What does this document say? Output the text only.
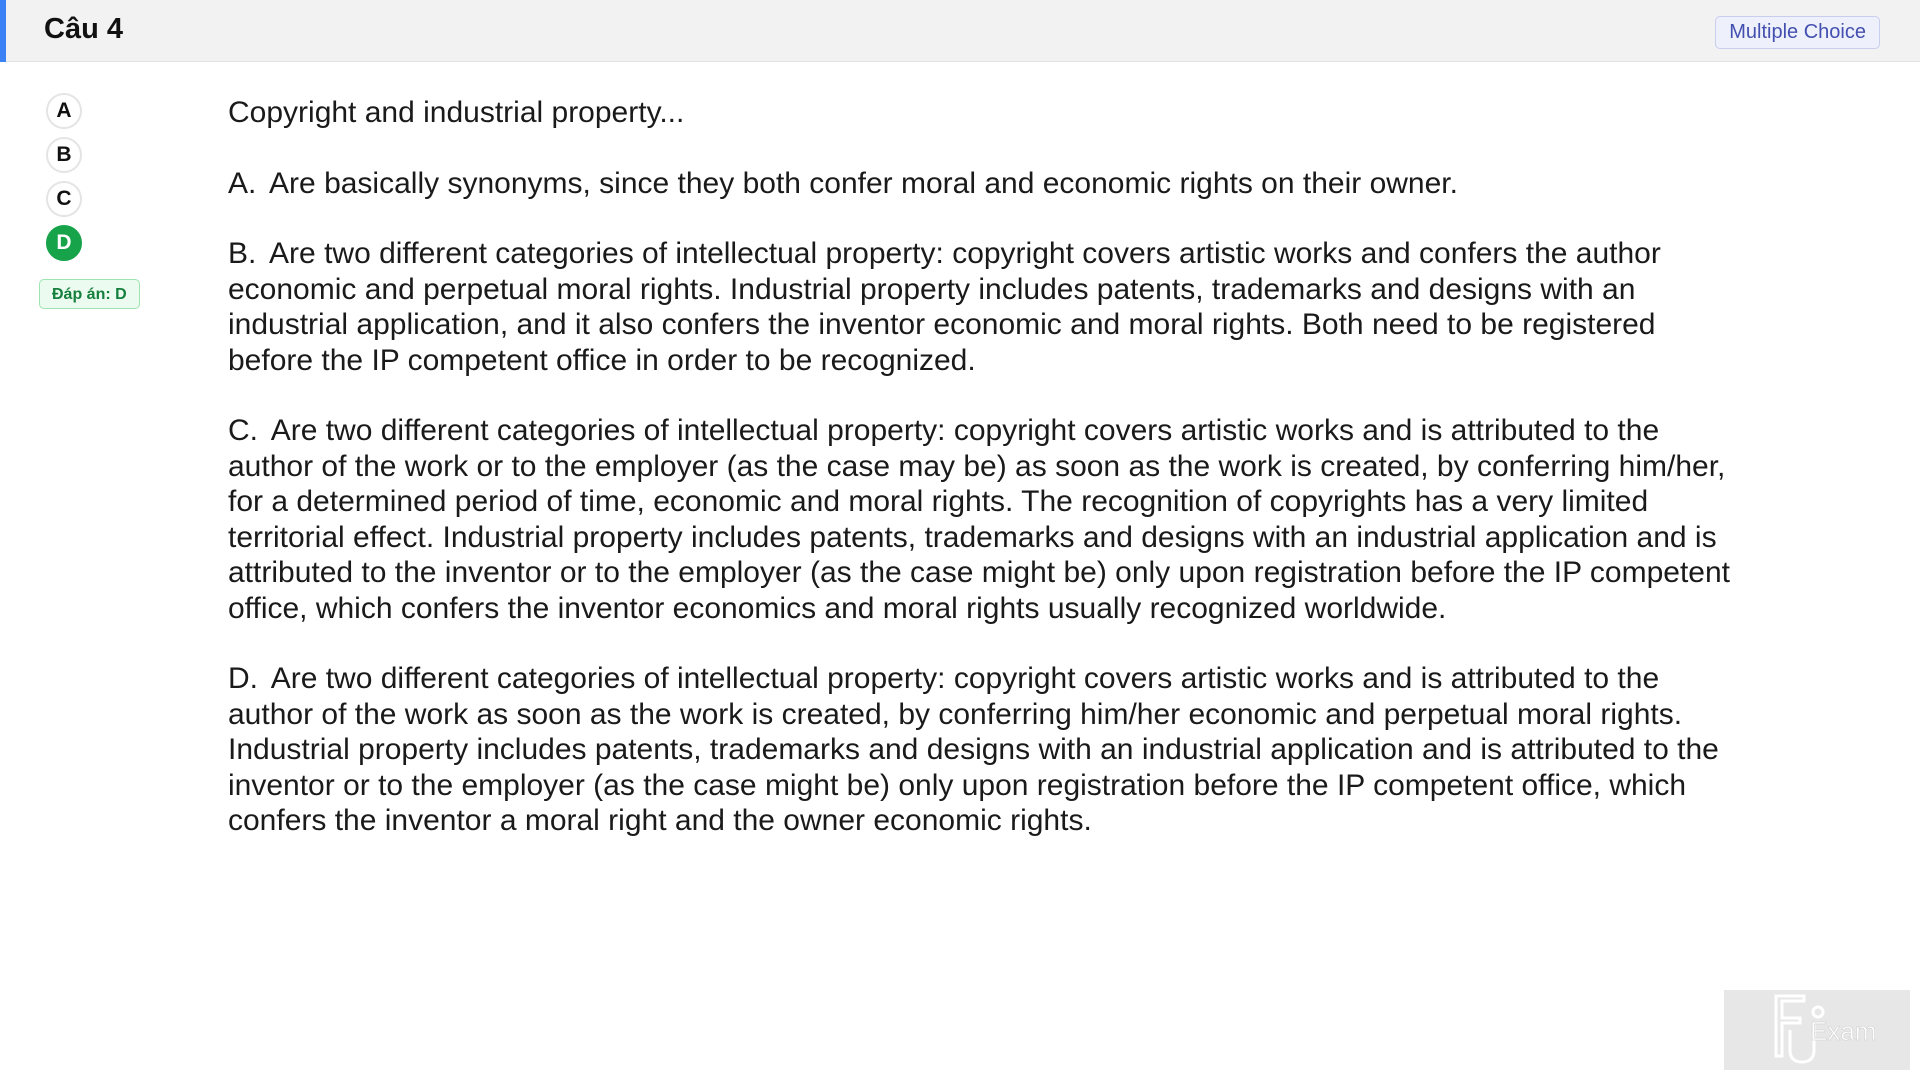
Câu 4	Multiple Choice
A
B
C
D
Đáp án: D
Copyright and industrial property...
A. Are basically synonyms, since they both confer moral and economic rights on their owner.
B. Are two different categories of intellectual property: copyright covers artistic works and confers the author economic and perpetual moral rights. Industrial property includes patents, trademarks and designs with an industrial application, and it also confers the inventor economic and moral rights. Both need to be registered before the IP competent office in order to be recognized.
C. Are two different categories of intellectual property: copyright covers artistic works and is attributed to the author of the work or to the employer (as the case may be) as soon as the work is created, by conferring him/her, for a determined period of time, economic and moral rights. The recognition of copyrights has a very limited territorial effect. Industrial property includes patents, trademarks and designs with an industrial application and is attributed to the inventor or to the employer (as the case might be) only upon registration before the IP competent office, which confers the inventor economics and moral rights usually recognized worldwide.
D. Are two different categories of intellectual property: copyright covers artistic works and is attributed to the author of the work as soon as the work is created, by conferring him/her economic and perpetual moral rights. Industrial property includes patents, trademarks and designs with an industrial application and is attributed to the inventor or to the employer (as the case might be) only upon registration before the IP competent office, which confers the inventor a moral right and the owner economic rights.
Exam
